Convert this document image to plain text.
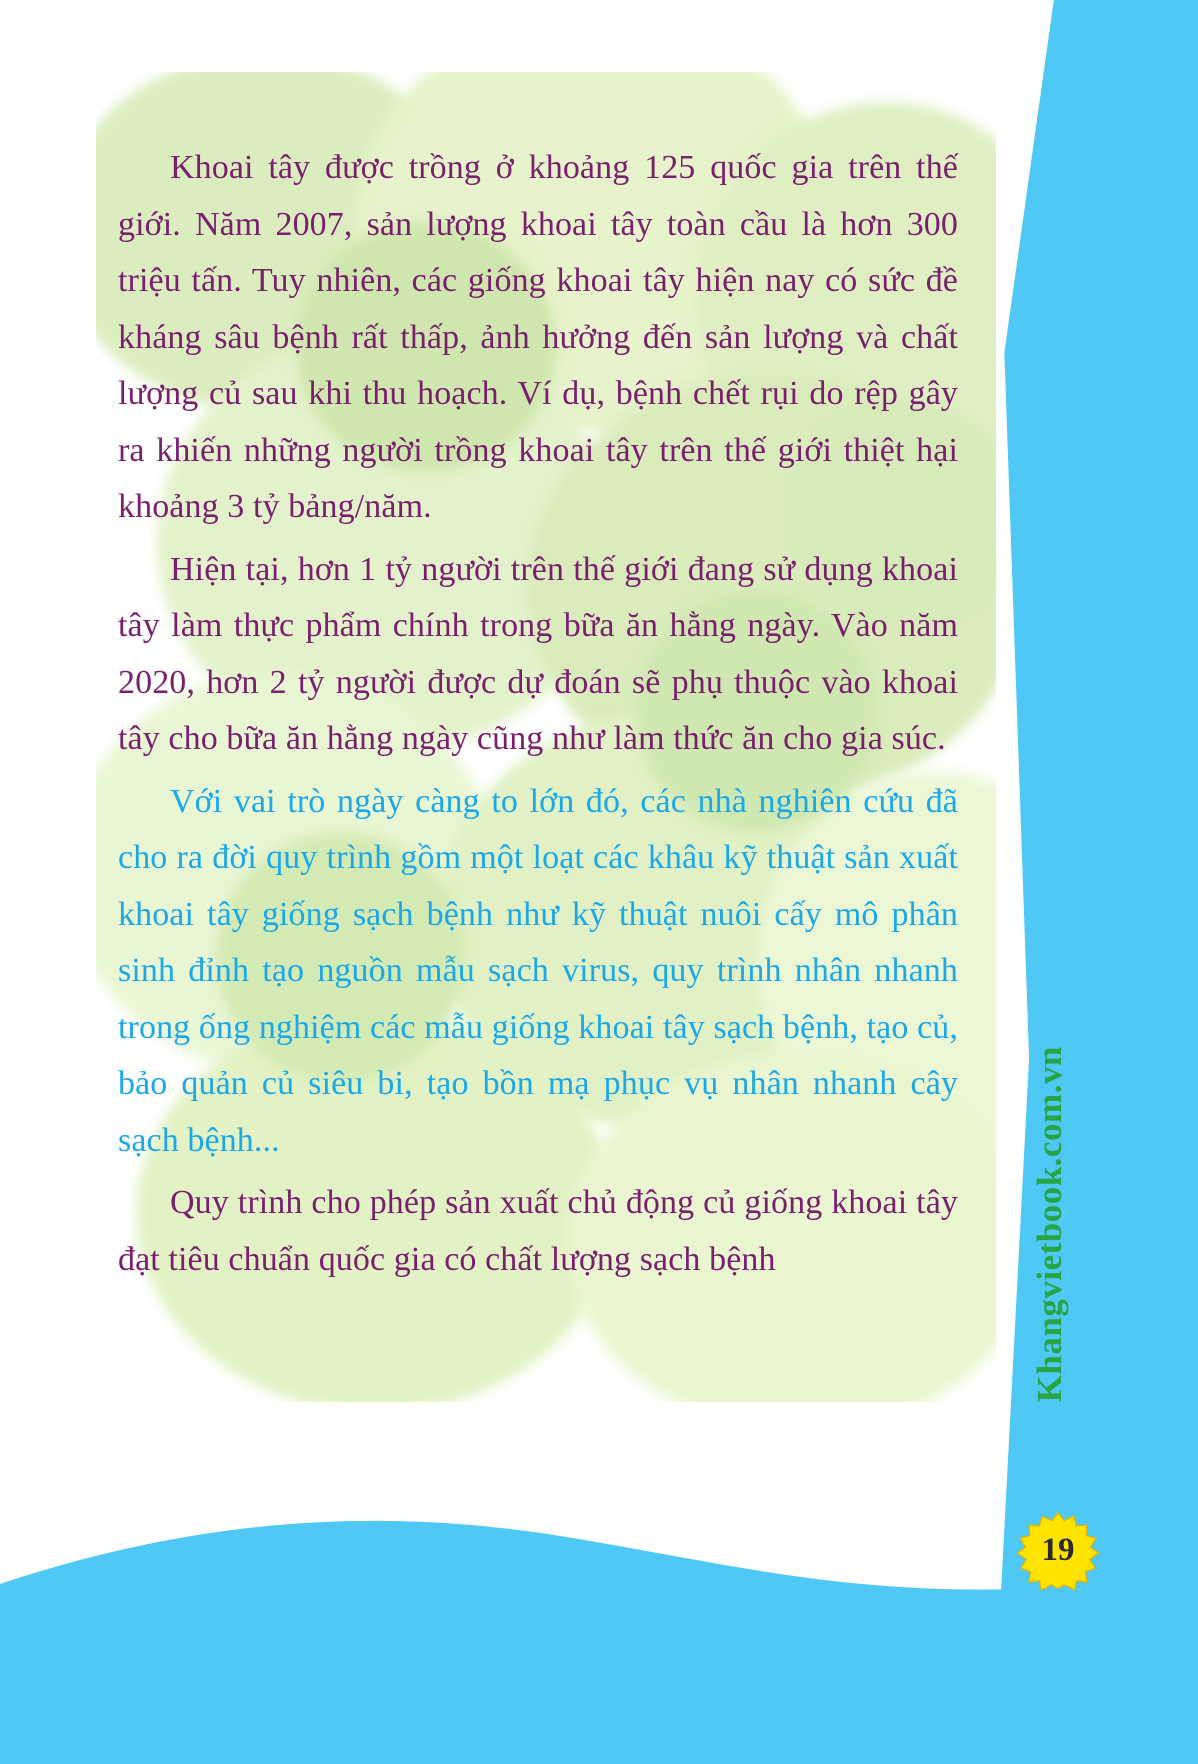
Khoai tây được trồng ở khoảng 125 quốc gia trên thế giới. Năm 2007, sản lượng khoai tây toàn cầu là hơn 300 triệu tấn. Tuy nhiên, các giống khoai tây hiện nay có sức đề kháng sâu bệnh rất thấp, ảnh hưởng đến sản lượng và chất lượng củ sau khi thu hoạch. Ví dụ, bệnh chết rụi do rệp gây ra khiến những người trồng khoai tây trên thế giới thiệt hại khoảng 3 tỷ bảng/năm.

Hiện tại, hơn 1 tỷ người trên thế giới đang sử dụng khoai tây làm thực phẩm chính trong bữa ăn hằng ngày. Vào năm 2020, hơn 2 tỷ người được dự đoán sẽ phụ thuộc vào khoai tây cho bữa ăn hằng ngày cũng như làm thức ăn cho gia súc.

Với vai trò ngày càng to lớn đó, các nhà nghiên cứu đã cho ra đời quy trình gồm một loạt các khâu kỹ thuật sản xuất khoai tây giống sạch bệnh như kỹ thuật nuôi cấy mô phân sinh đỉnh tạo nguồn mẫu sạch virus, quy trình nhân nhanh trong ống nghiệm các mẫu giống khoai tây sạch bệnh, tạo củ, bảo quản củ siêu bi, tạo bồn mạ phục vụ nhân nhanh cây sạch bệnh...

Quy trình cho phép sản xuất chủ động củ giống khoai tây đạt tiêu chuẩn quốc gia có chất lượng sạch bệnh	Khangvietbook.com.vn
19
